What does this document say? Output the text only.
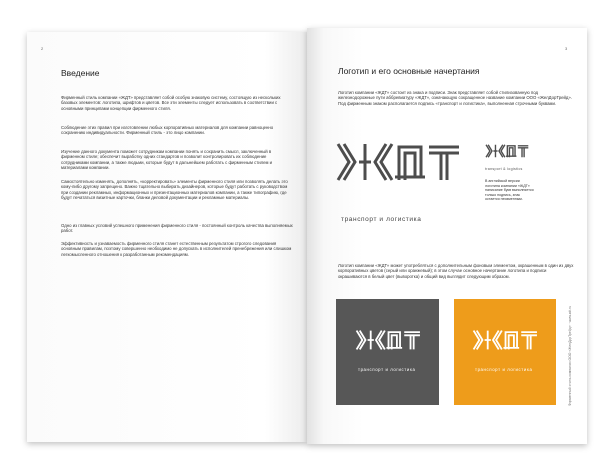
2
Введение

Фирменный стиль компании «ЖДТ» представляет собой особую знаковую систему, состоящую из нескольких базовых элементов: логотипа, шрифтов и цветов. Все эти элементы следует использовать в соответствии с основными принципами концепции фирменного стиля.

Соблюдение этих правил при изготовлении любых корпоративных материалов для компании равноценно сохранению индивидуальности. Фирменный стиль - это лицо компании.

Изучение данного документа поможет сотрудникам компании понять и сохранить смысл, заключенный в фирменном стиле; обеспечит выработку одних стандартов и позволит контролировать их соблюдение сотрудниками компании, а также людьми, которые будут в дальнейшем работать с фирменным стилем и материалами компании.

Самостоятельно изменять, дополнять, «корректировать» элементы фирменного стиля или позволять делать это кому-либо другому запрещено. Важно тщательно выбирать дизайнеров, которые будут работать с руководством при создании рекламных, информационных и презентационных материалов компании, а также типографию, где будут печататься визитные карточки, бланки деловой документации и рекламные материалы.

Одно из главных условий успешного применения фирменного стиля - постоянный контроль качества выполняемых работ.

Эффективность и узнаваемость фирменного стиля станет естественным результатом строгого следования основным правилам, поэтому совершенно необходимо не допускать в исполнителей пренебрежения или слишком легкомысленного отношения к разработанным рекомендациям.

3
Логотип и его основные начертания

Логотип компании «ЖДТ» состоит из знака и подписи. Знак представляет собой стилизованную под железнодорожные пути аббревиатуру «ЖДТ», означающую сокращенное название компании ООО «ЖелДорТрейд». Под фирменным знаком располагается подпись «транспорт и логистика», выполненная строчными буквами.

транспорт и логистика
transport & logistics

В английской версии логотипа компании «ЖДТ» написание букв выполняется только подпись, знак остается неизменным.

Логотип компании «ЖДТ» может употребляться с дополнительным фоновым элементом, окрашенным в один из двух корпоративных цветов (серый или оранжевый); в этом случае основное начертание логотипа и подписи окрашиваются в белый цвет (выворотка) и общий вид выглядит следующим образом.

транспорт и логистика	транспорт и логистика	Фирменный стиль компании ООО «ЖелДорТрейд» · www.zdt.ru
